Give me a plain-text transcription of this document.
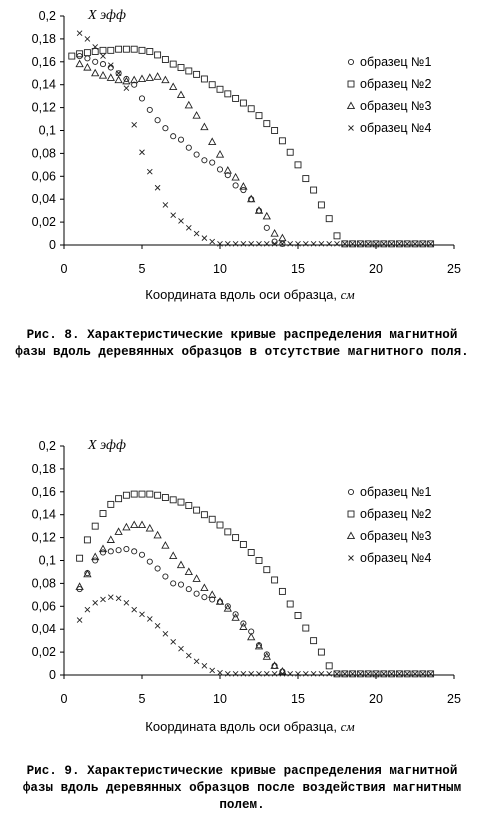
0
0,02
0,04
0,06
0,08
0,1
0,12
0,14
0,16
0,18
0,2
0	5	10	15	20	25
X эфф
образец №1
образец №2
образец №3
образец №4
Координата вдоль оси образца, см
Рис. 8. Характеристические кривые распределения магнитной фазы вдоль деревянных образцов в отсутствие магнитного поля.
0
0,02
0,04
0,06
0,08
0,1
0,12
0,14
0,16
0,18
0,2
0	5	10	15	20	25
X эфф
образец №1
образец №2
образец №3
образец №4
Координата вдоль оси образца, см
Рис. 9. Характеристические кривые распределения магнитной фазы вдоль деревянных образцов после воздействия магнитным полем.
